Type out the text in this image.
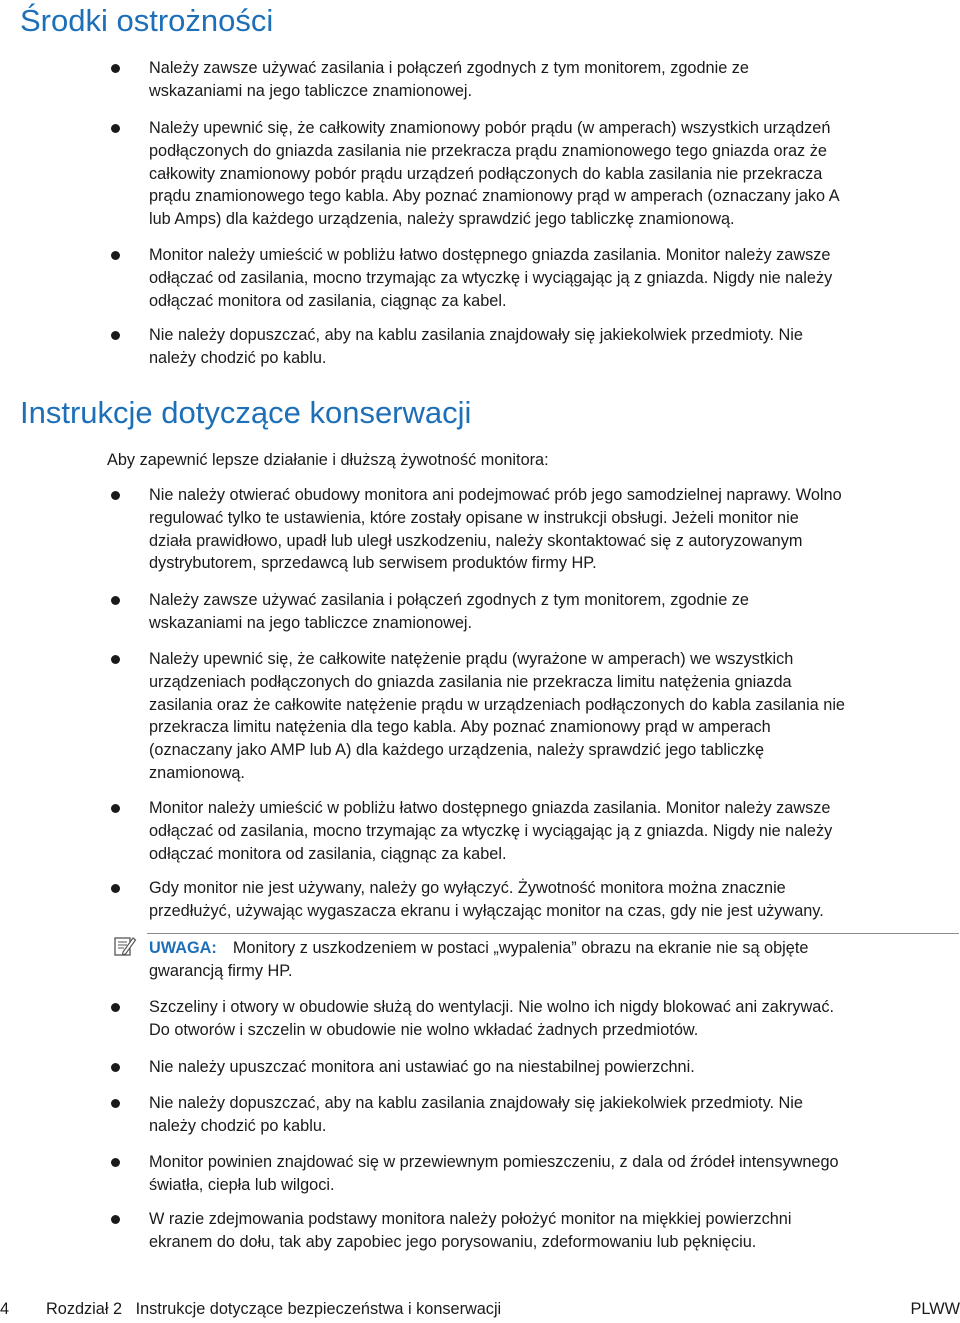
Środki ostrożności
Należy zawsze używać zasilania i połączeń zgodnych z tym monitorem, zgodnie ze
wskazaniami na jego tabliczce znamionowej.
Należy upewnić się, że całkowity znamionowy pobór prądu (w amperach) wszystkich urządzeń
podłączonych do gniazda zasilania nie przekracza prądu znamionowego tego gniazda oraz że
całkowity znamionowy pobór prądu urządzeń podłączonych do kabla zasilania nie przekracza
prądu znamionowego tego kabla. Aby poznać znamionowy prąd w amperach (oznaczany jako A
lub Amps) dla każdego urządzenia, należy sprawdzić jego tabliczkę znamionową.
Monitor należy umieścić w pobliżu łatwo dostępnego gniazda zasilania. Monitor należy zawsze
odłączać od zasilania, mocno trzymając za wtyczkę i wyciągając ją z gniazda. Nigdy nie należy
odłączać monitora od zasilania, ciągnąc za kabel.
Nie należy dopuszczać, aby na kablu zasilania znajdowały się jakiekolwiek przedmioty. Nie
należy chodzić po kablu.
Instrukcje dotyczące konserwacji
Aby zapewnić lepsze działanie i dłuższą żywotność monitora:
Nie należy otwierać obudowy monitora ani podejmować prób jego samodzielnej naprawy. Wolno
regulować tylko te ustawienia, które zostały opisane w instrukcji obsługi. Jeżeli monitor nie
działa prawidłowo, upadł lub uległ uszkodzeniu, należy skontaktować się z autoryzowanym
dystrybutorem, sprzedawcą lub serwisem produktów firmy HP.
Należy zawsze używać zasilania i połączeń zgodnych z tym monitorem, zgodnie ze
wskazaniami na jego tabliczce znamionowej.
Należy upewnić się, że całkowite natężenie prądu (wyrażone w amperach) we wszystkich
urządzeniach podłączonych do gniazda zasilania nie przekracza limitu natężenia gniazda
zasilania oraz że całkowite natężenie prądu w urządzeniach podłączonych do kabla zasilania nie
przekracza limitu natężenia dla tego kabla. Aby poznać znamionowy prąd w amperach
(oznaczany jako AMP lub A) dla każdego urządzenia, należy sprawdzić jego tabliczkę
znamionową.
Monitor należy umieścić w pobliżu łatwo dostępnego gniazda zasilania. Monitor należy zawsze
odłączać od zasilania, mocno trzymając za wtyczkę i wyciągając ją z gniazda. Nigdy nie należy
odłączać monitora od zasilania, ciągnąc za kabel.
Gdy monitor nie jest używany, należy go wyłączyć. Żywotność monitora można znacznie
przedłużyć, używając wygaszacza ekranu i wyłączając monitor na czas, gdy nie jest używany.
Szczeliny i otwory w obudowie służą do wentylacji. Nie wolno ich nigdy blokować ani zakrywać.
Do otworów i szczelin w obudowie nie wolno wkładać żadnych przedmiotów.
Nie należy upuszczać monitora ani ustawiać go na niestabilnej powierzchni.
Nie należy dopuszczać, aby na kablu zasilania znajdowały się jakiekolwiek przedmioty. Nie
należy chodzić po kablu.
Monitor powinien znajdować się w przewiewnym pomieszczeniu, z dala od źródeł intensywnego
światła, ciepła lub wilgoci.
W razie zdejmowania podstawy monitora należy położyć monitor na miękkiej powierzchni
ekranem do dołu, tak aby zapobiec jego porysowaniu, zdeformowaniu lub pęknięciu.
UWAGA: Monitory z uszkodzeniem w postaci „wypalenia” obrazu na ekranie nie są objęte
gwarancją firmy HP.
4 Rozdział 2   Instrukcje dotyczące bezpieczeństwa i konserwacji	PLWW
